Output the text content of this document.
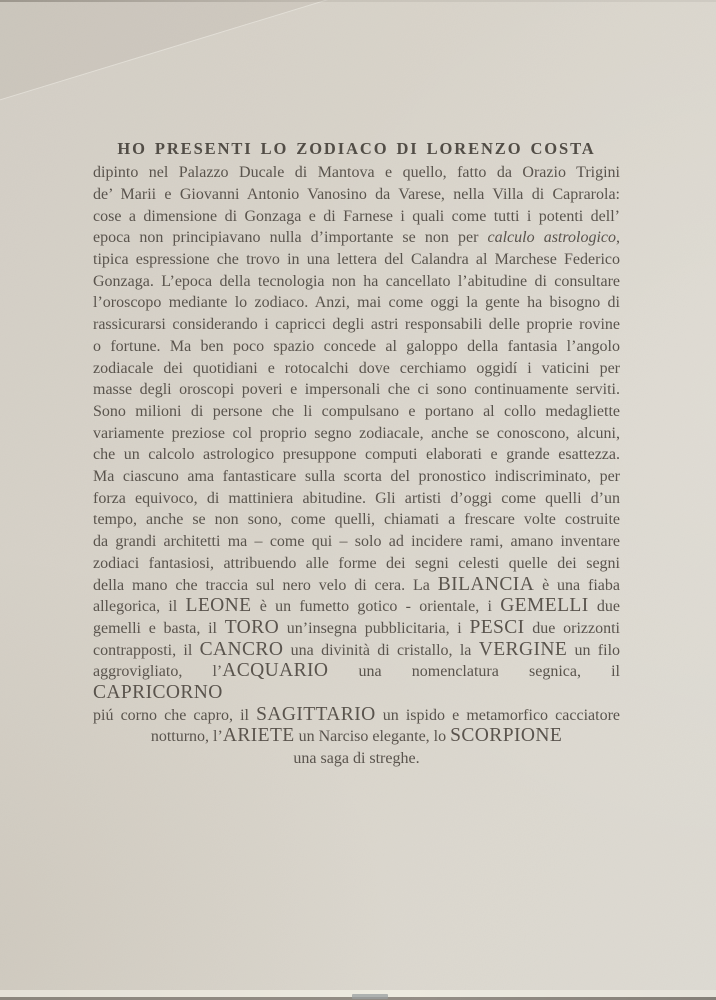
HO PRESENTI LO ZODIACO DI LORENZO COSTA
dipinto nel Palazzo Ducale di Mantova e quello, fatto da Orazio Trigini
de’ Marii e Giovanni Antonio Vanosino da Varese, nella Villa di Caprarola:
cose a dimensione di Gonzaga e di Farnese i quali come tutti i potenti dell’
epoca non principiavano nulla d’importante se non per calculo astrologico,
tipica espressione che trovo in una lettera del Calandra al Marchese Federico
Gonzaga. L’epoca della tecnologia non ha cancellato l’abitudine di consultare
l’oroscopo mediante lo zodiaco. Anzi, mai come oggi la gente ha bisogno di
rassicurarsi considerando i capricci degli astri responsabili delle proprie rovine
o fortune. Ma ben poco spazio concede al galoppo della fantasia l’angolo
zodiacale dei quotidiani e rotocalchi dove cerchiamo oggidí i vaticini per
masse degli oroscopi poveri e impersonali che ci sono continuamente serviti.
Sono milioni di persone che li compulsano e portano al collo medagliette
variamente preziose col proprio segno zodiacale, anche se conoscono, alcuni,
che un calcolo astrologico presuppone computi elaborati e grande esattezza.
Ma ciascuno ama fantasticare sulla scorta del pronostico indiscriminato, per
forza equivoco, di mattiniera abitudine. Gli artisti d’oggi come quelli d’un
tempo, anche se non sono, come quelli, chiamati a frescare volte costruite
da grandi architetti ma – come qui – solo ad incidere rami, amano inventare
zodiaci fantasiosi, attribuendo alle forme dei segni celesti quelle dei segni
della mano che traccia sul nero velo di cera. La BILANCIA è una fiaba
allegorica, il LEONE è un fumetto gotico - orientale, i GEMELLI due
gemelli e basta, il TORO un’insegna pubblicitaria, i PESCI due orizzonti
contrapposti, il CANCRO una divinità di cristallo, la VERGINE un filo
aggrovigliato, l’ACQUARIO una nomenclatura segnica, il CAPRICORNO
piú corno che capro, il SAGITTARIO un ispido e metamorfico cacciatore
notturno, l’ARIETE un Narciso elegante, lo SCORPIONE
una saga di streghe.
